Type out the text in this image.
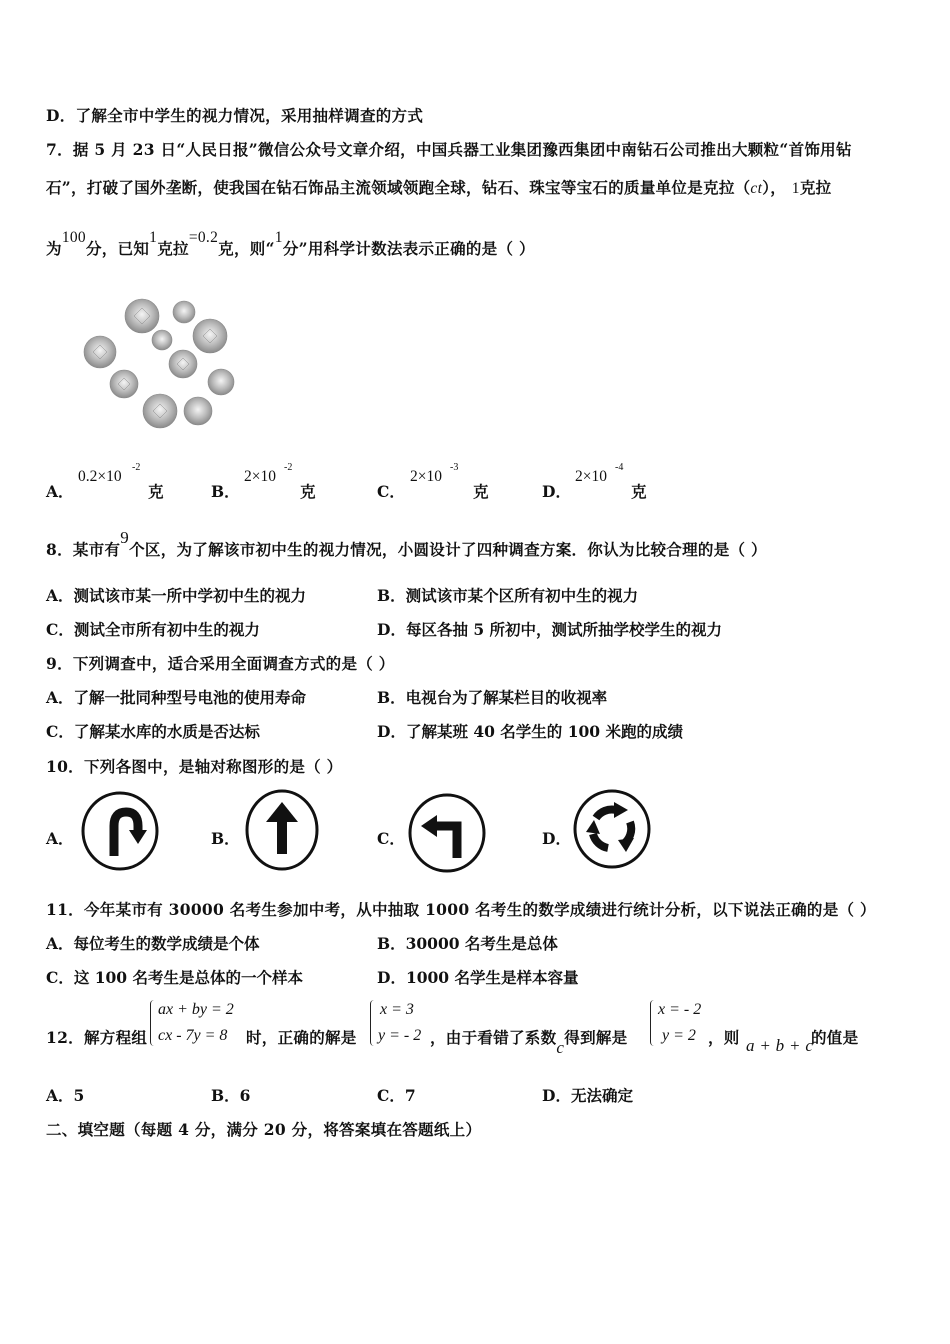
D．了解全市中学生的视力情况，采用抽样调查的方式
7．据 5 月 23 日“人民日报”微信公众号文章介绍，中国兵器工业集团豫西集团中南钻石公司推出大颗粒“首饰用钻
石”，打破了国外垄断，使我国在钻石饰品主流领域领跑全球，钻石、珠宝等宝石的质量单位是克拉（ct）， 1克拉
为100分，已知1克拉=0.2克，则“1分”用科学计数法表示正确的是（ ）
A．
0.2×10
-2
克	B．
2×10
-2
克	C．
2×10
-3
克	D．
2×10
-4
克
8．某市有9个区，为了解该市初中生的视力情况，小圆设计了四种调查方案．你认为比较合理的是（ ）
A．测试该市某一所中学初中生的视力	B．测试该市某个区所有初中生的视力
C．测试全市所有初中生的视力	D．每区各抽 5 所初中，测试所抽学校学生的视力
9．下列调查中，适合采用全面调查方式的是（ ）
A．了解一批同种型号电池的使用寿命	B．电视台为了解某栏目的收视率
C．了解某水库的水质是否达标	D．了解某班 40 名学生的 100 米跑的成绩
10．下列各图中，是轴对称图形的是（ ）
A．	B．	C．	D．
11．今年某市有 30000 名考生参加中考，从中抽取 1000 名考生的数学成绩进行统计分析，以下说法正确的是（ ）
A．每位考生的数学成绩是个体	B．30000 名考生是总体
C．这 100 名考生是总体的一个样本	D．1000 名学生是样本容量
12．解方程组
ax + by = 2
cx - 7y = 8 时，正确的解是
x = 3
y = - 2 ，由于看错了系数c得到解是
x = - 2
y = 2 ，则 a + b + c
的值是
A．5	B．6	C．7	D．无法确定
二、填空题（每题 4 分，满分 20 分，将答案填在答题纸上）
